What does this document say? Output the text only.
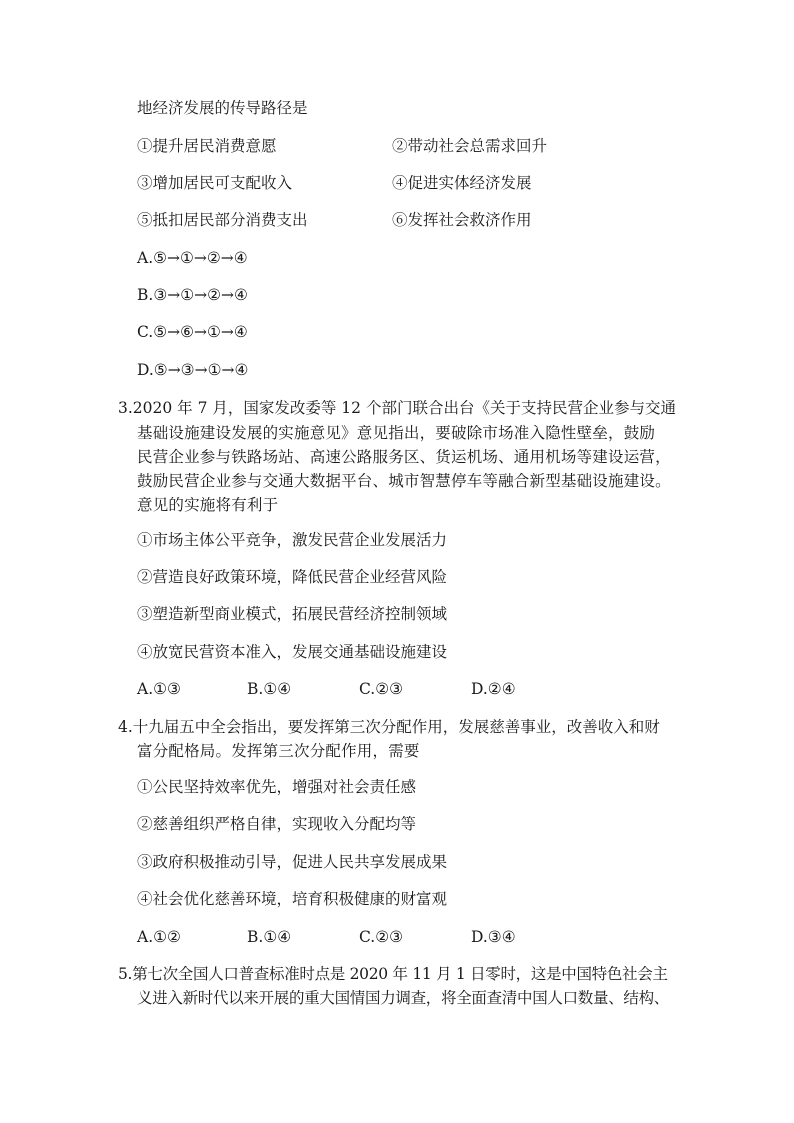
地经济发展的传导路径是
①提升居民消费意愿	②带动社会总需求回升
③增加居民可支配收入	④促进实体经济发展
⑤抵扣居民部分消费支出	⑥发挥社会救济作用
A.⑤→①→②→④
B.③→①→②→④
C.⑤→⑥→①→④
D.⑤→③→①→④
3.2020 年 7 月，国家发改委等 12 个部门联合出台《关于支持民营企业参与交通
基础设施建设发展的实施意见》意见指出，要破除市场准入隐性壁垒，鼓励
民营企业参与铁路场站、高速公路服务区、货运机场、通用机场等建设运营，
鼓励民营企业参与交通大数据平台、城市智慧停车等融合新型基础设施建设。
意见的实施将有利于
①市场主体公平竞争，激发民营企业发展活力
②营造良好政策环境，降低民营企业经营风险
③塑造新型商业模式，拓展民营经济控制领域
④放宽民营资本准入，发展交通基础设施建设
A.①③	B.①④	C.②③	D.②④
4.十九届五中全会指出，要发挥第三次分配作用，发展慈善事业，改善收入和财
富分配格局。发挥第三次分配作用，需要
①公民坚持效率优先，增强对社会责任感
②慈善组织严格自律，实现收入分配均等
③政府积极推动引导，促进人民共享发展成果
④社会优化慈善环境，培育积极健康的财富观
A.①②	B.①④	C.②③	D.③④
5.第七次全国人口普查标准时点是 2020 年 11 月 1 日零时，这是中国特色社会主
义进入新时代以来开展的重大国情国力调查，将全面查清中国人口数量、结构、
